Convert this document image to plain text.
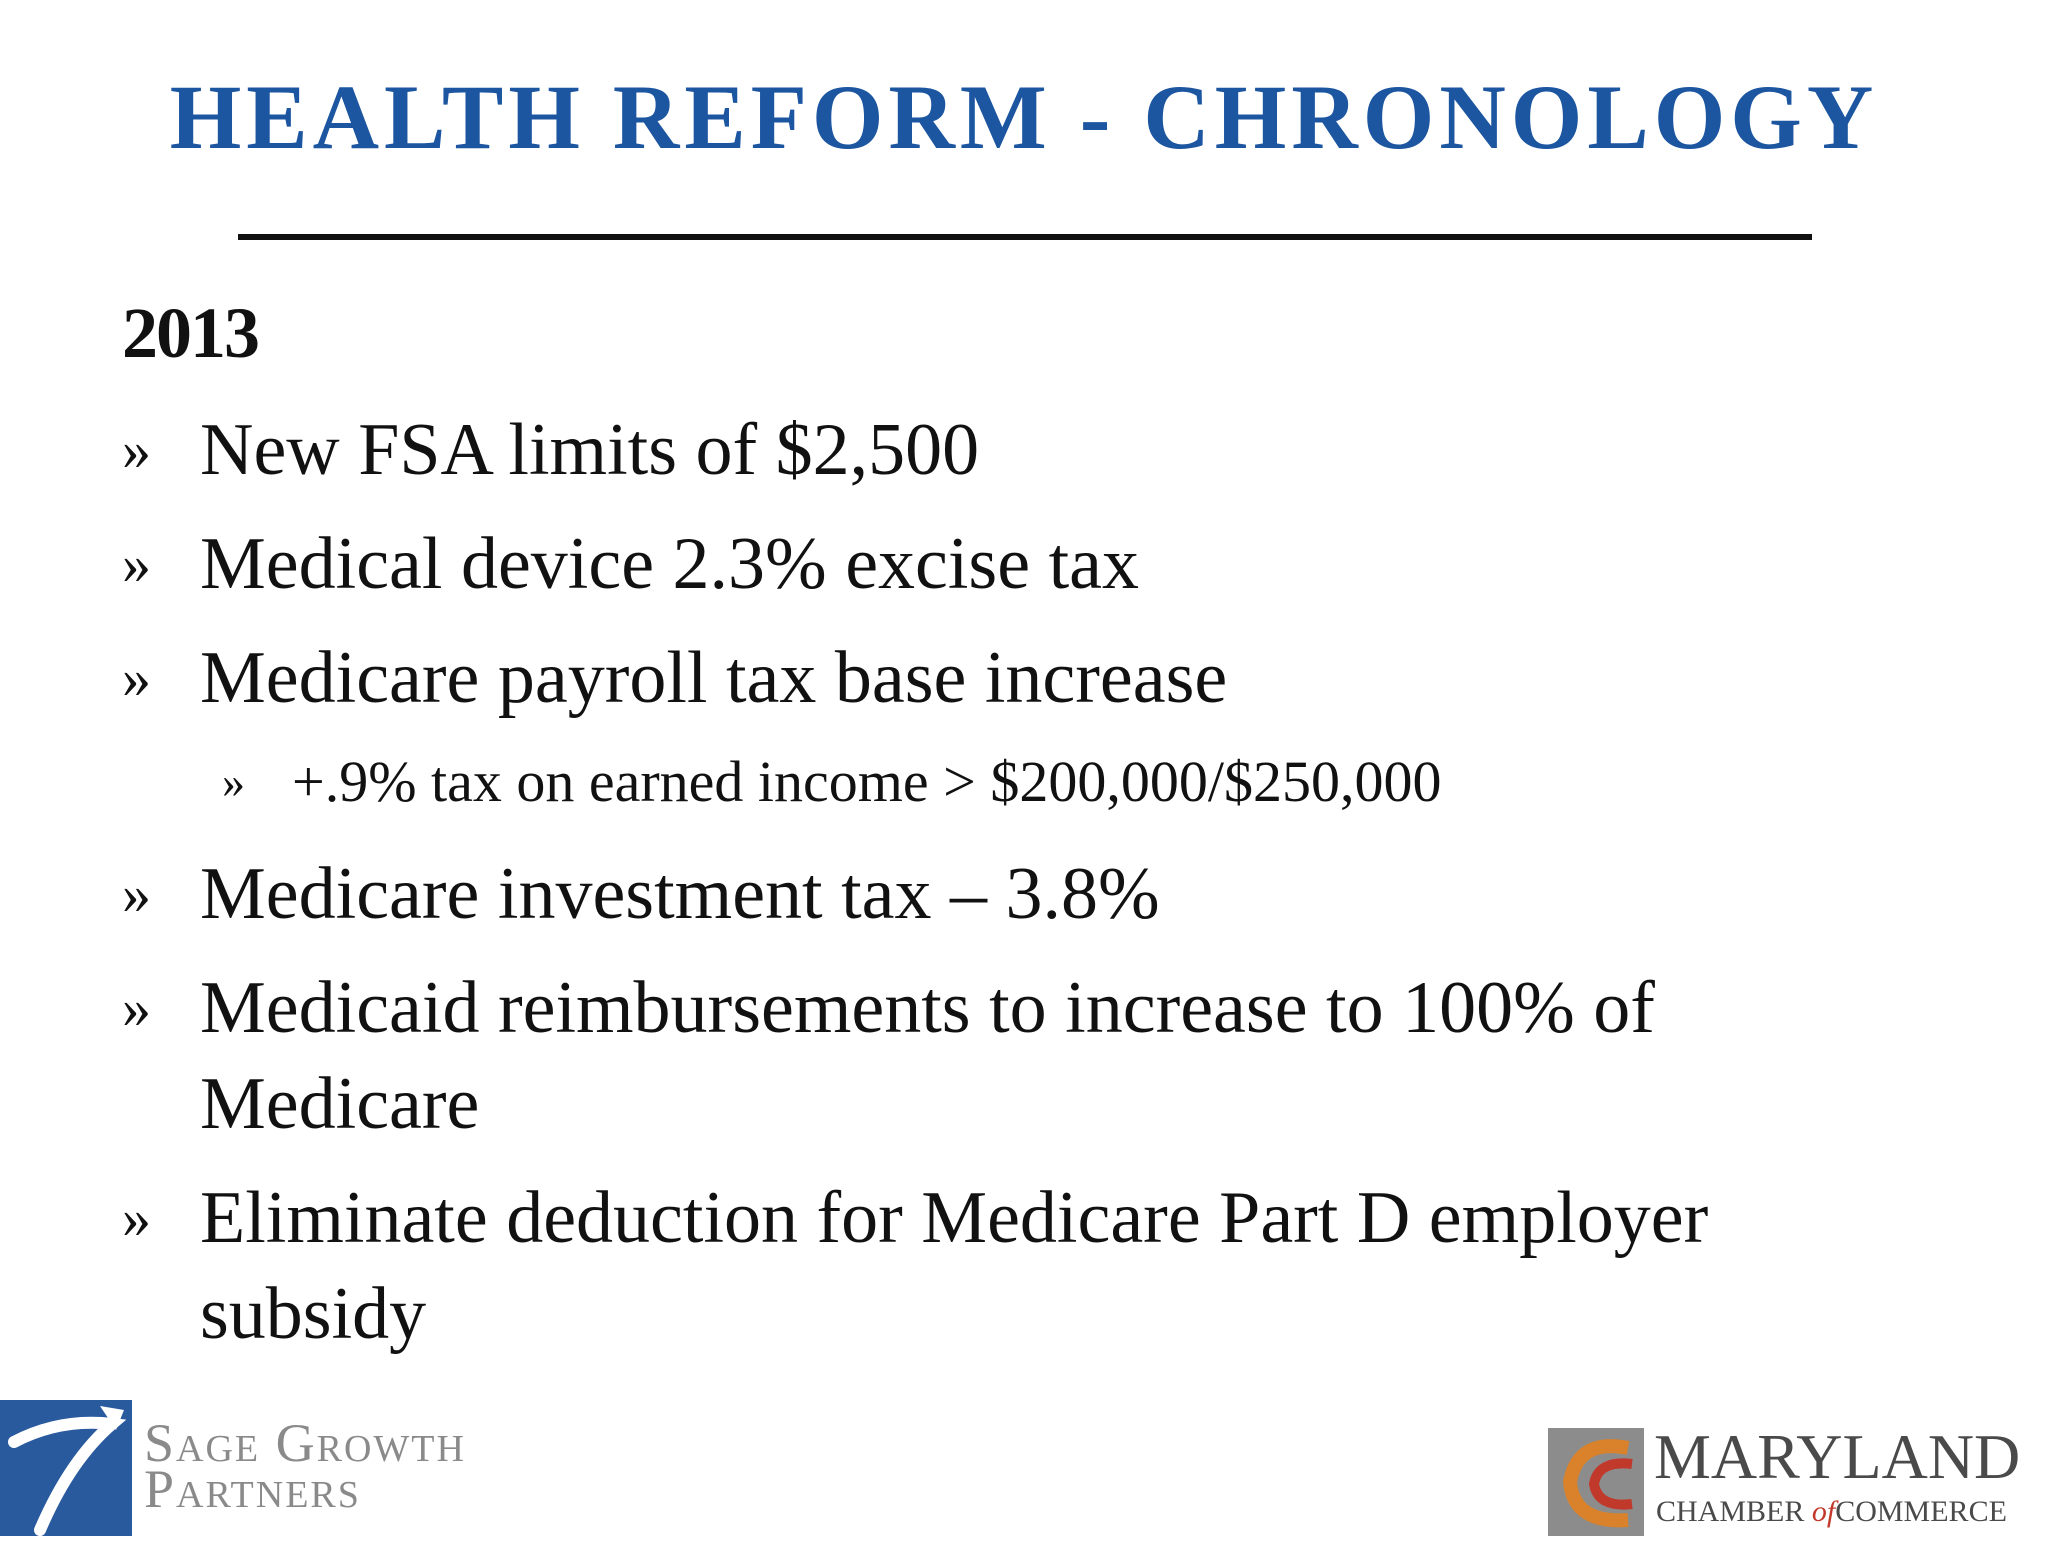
HEALTH REFORM - CHRONOLOGY
2013
» New FSA limits of $2,500
» Medical device 2.3% excise tax
» Medicare payroll tax base increase
» +.9% tax on earned income > $200,000/$250,000
» Medicare investment tax – 3.8%
» Medicaid reimbursements to increase to 100% of
Medicare
» Eliminate deduction for Medicare Part D employer
subsidy
Sage Growth
Partners	MARYLAND
CHAMBER ofCOMMERCE
